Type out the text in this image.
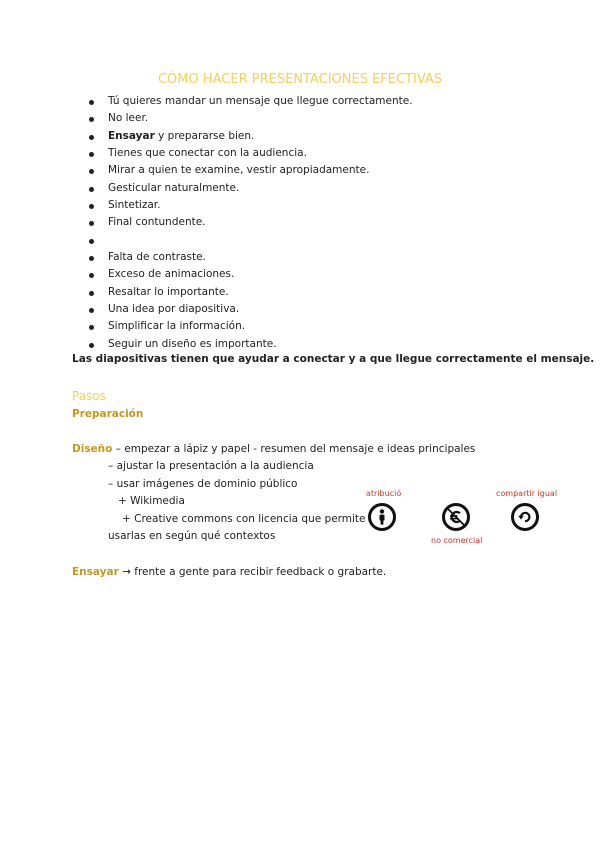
CÓMO HACER PRESENTACIONES EFECTIVAS
Tú quieres mandar un mensaje que llegue correctamente.
No leer.
Ensayar y prepararse bien.
Tienes que conectar con la audiencia.
Mirar a quien te examine, vestir apropiadamente.
Gesticular naturalmente.
Sintetizar.
Final contundente.
Falta de contraste.
Exceso de animaciones.
Resaltar lo importante.
Una idea por diapositiva.
Simplificar la información.
Seguir un diseño es importante.
Las diapositivas tienen que ayudar a conectar y a que llegue correctamente el mensaje.
Pasos
Preparación
Diseño – empezar a lápiz y papel - resumen del mensaje e ideas principales
– ajustar la presentación a la audiencia
– usar imágenes de dominio público
+ Wikimedia
+ Creative commons con licencia que permite
usarlas en según qué contextos
atribució
no comercial
compartir igual
Ensayar → frente a gente para recibir feedback o grabarte.
